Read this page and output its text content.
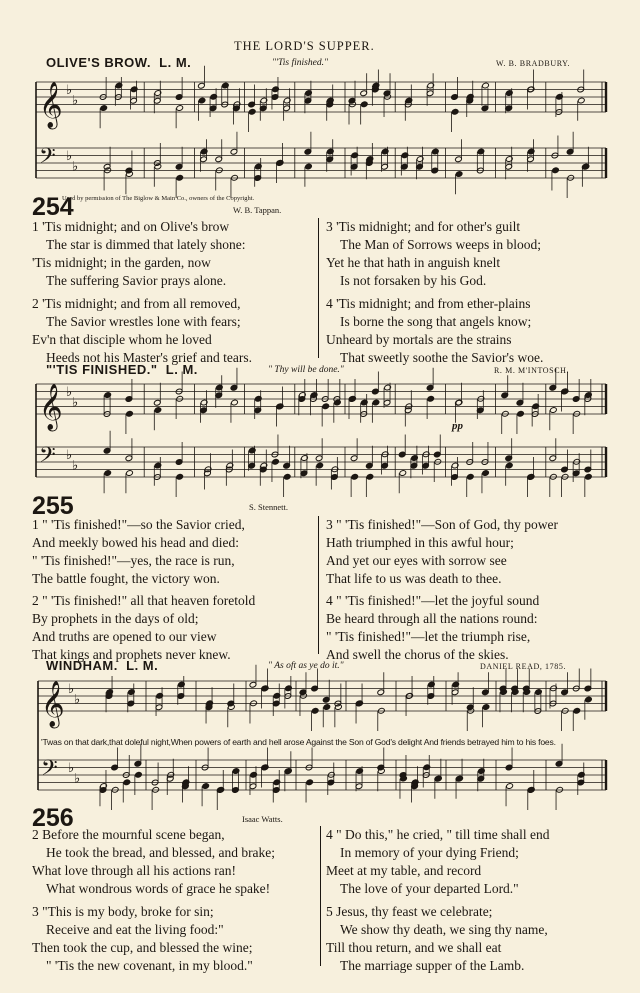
THE LORD'S SUPPER.
OLIVE'S BROW. L. M.	"'Tis finished."	W. B. BRADBURY.
𝄞 ♭
♭
𝄢 ♭
♭
𝄞 ♭
♭
𝄢 ♭
♭
𝄞 ♭
♭
𝄢 ♭
♭
Used by permission of The Biglow & Main Co., owners of the Copyright.
254	W. B. Tappan.
1 'Tis midnight; and on Olive's brow
The star is dimmed that lately shone:
'Tis midnight; in the garden, now
The suffering Savior prays alone.
2 'Tis midnight; and from all removed,
The Savior wrestles lone with fears;
Ev'n that disciple whom he loved
Heeds not his Master's grief and tears.
3 'Tis midnight; and for other's guilt
The Man of Sorrows weeps in blood;
Yet he that hath in anguish knelt
Is not forsaken by his God.
4 'Tis midnight; and from ether-plains
Is borne the song that angels know;
Unheard by mortals are the strains
That sweetly soothe the Savior's woe.
"'TIS FINISHED." L. M.	" Thy will be done."	R. M. M'INTOSCH.
pp
255	S. Stennett.
1 " 'Tis finished!"—so the Savior cried,
And meekly bowed his head and died:
" 'Tis finished!"—yes, the race is run,
The battle fought, the victory won.
2 " 'Tis finished!" all that heaven foretold
By prophets in the days of old;
And truths are opened to our view
That kings and prophets never knew.
3 " 'Tis finished!"—Son of God, thy power
Hath triumphed in this awful hour;
And yet our eyes with sorrow see
That life to us was death to thee.
4 " 'Tis finished!"—let the joyful sound
Be heard through all the nations round:
" 'Tis finished!"—let the triumph rise,
And swell the chorus of the skies.
WINDHAM. L. M.	" As oft as ye do it."	DANIEL READ, 1785.
'Twas on that dark,that doleful night,When powers of earth and hell arose Against the Son of God's delight And friends betrayed him to his foes.
256	Isaac Watts.
2 Before the mournful scene began,
He took the bread, and blessed, and brake;
What love through all his actions ran!
What wondrous words of grace he spake!
3 "This is my body, broke for sin;
Receive and eat the living food:"
Then took the cup, and blessed the wine;
" 'Tis the new covenant, in my blood."
4 " Do this," he cried, " till time shall end
In memory of your dying Friend;
Meet at my table, and record
The love of your departed Lord."
5 Jesus, thy feast we celebrate;
We show thy death, we sing thy name,
Till thou return, and we shall eat
The marriage supper of the Lamb.
